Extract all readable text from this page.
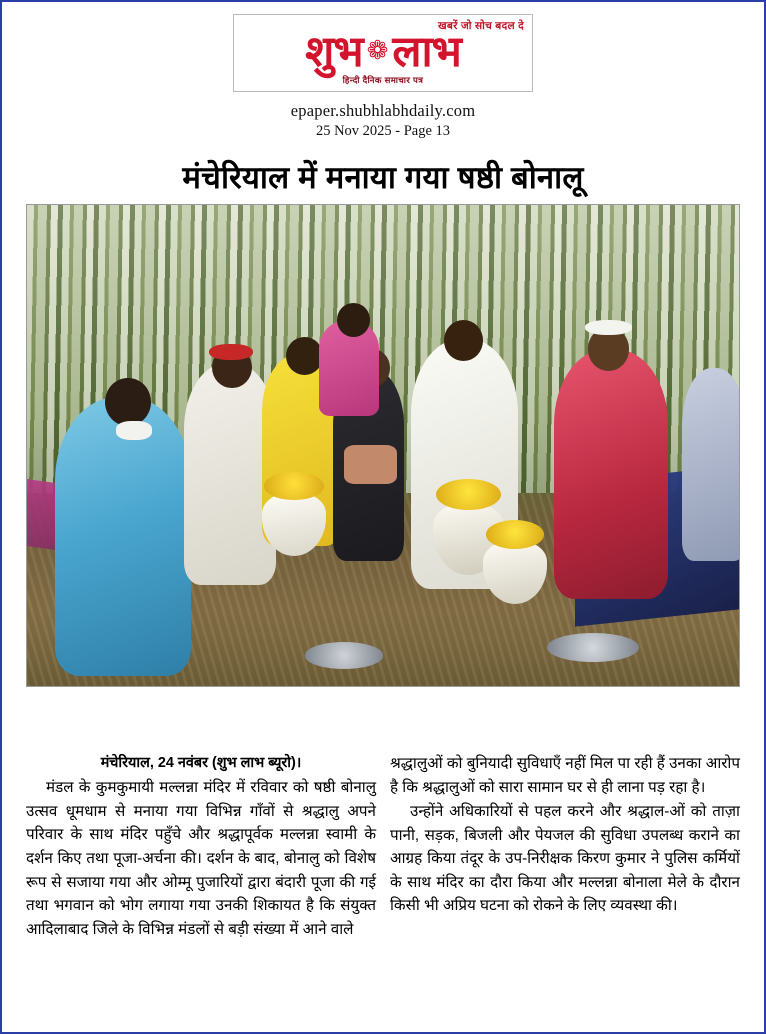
खबरें जो सोच बदल दे
शुभ ❁ लाभ
हिन्दी दैनिक समाचार पत्र
epaper.shubhlabhdaily.com
25 Nov 2025 - Page 13
मंचेरियाल में मनाया गया षष्ठी बोनालू
मंचेरियाल, 24 नवंबर (शुभ लाभ ब्यूरो)।

मंडल के कुमकुमायी मल्लन्ना मंदिर में रविवार को षष्ठी बोनालु उत्सव धूमधाम से मनाया गया विभिन्न गाँवों से श्रद्धालु अपने परिवार के साथ मंदिर पहुँचे और श्रद्धापूर्वक मल्लन्ना स्वामी के दर्शन किए तथा पूजा-अर्चना की। दर्शन के बाद, बोनालु को विशेष रूप से सजाया गया और ओम्मू पुजारियों द्वारा बंदारी पूजा की गई तथा भगवान को भोग लगाया गया उनकी शिकायत है कि संयुक्त आदिलाबाद जिले के विभिन्न मंडलों से बड़ी संख्या में आने वाले

श्रद्धालुओं को बुनियादी सुविधाएँ नहीं मिल पा रही हैं उनका आरोप है कि श्रद्धालुओं को सारा सामान घर से ही लाना पड़ रहा है।

उन्होंने अधिकारियों से पहल करने और श्रद्धाल-ओं को ताज़ा पानी, सड़क, बिजली और पेयजल की सुविधा उपलब्ध कराने का आग्रह किया तंदूर के उप-निरीक्षक किरण कुमार ने पुलिस कर्मियों के साथ मंदिर का दौरा किया और मल्लन्ना बोनाला मेले के दौरान किसी भी अप्रिय घटना को रोकने के लिए व्यवस्था की।
